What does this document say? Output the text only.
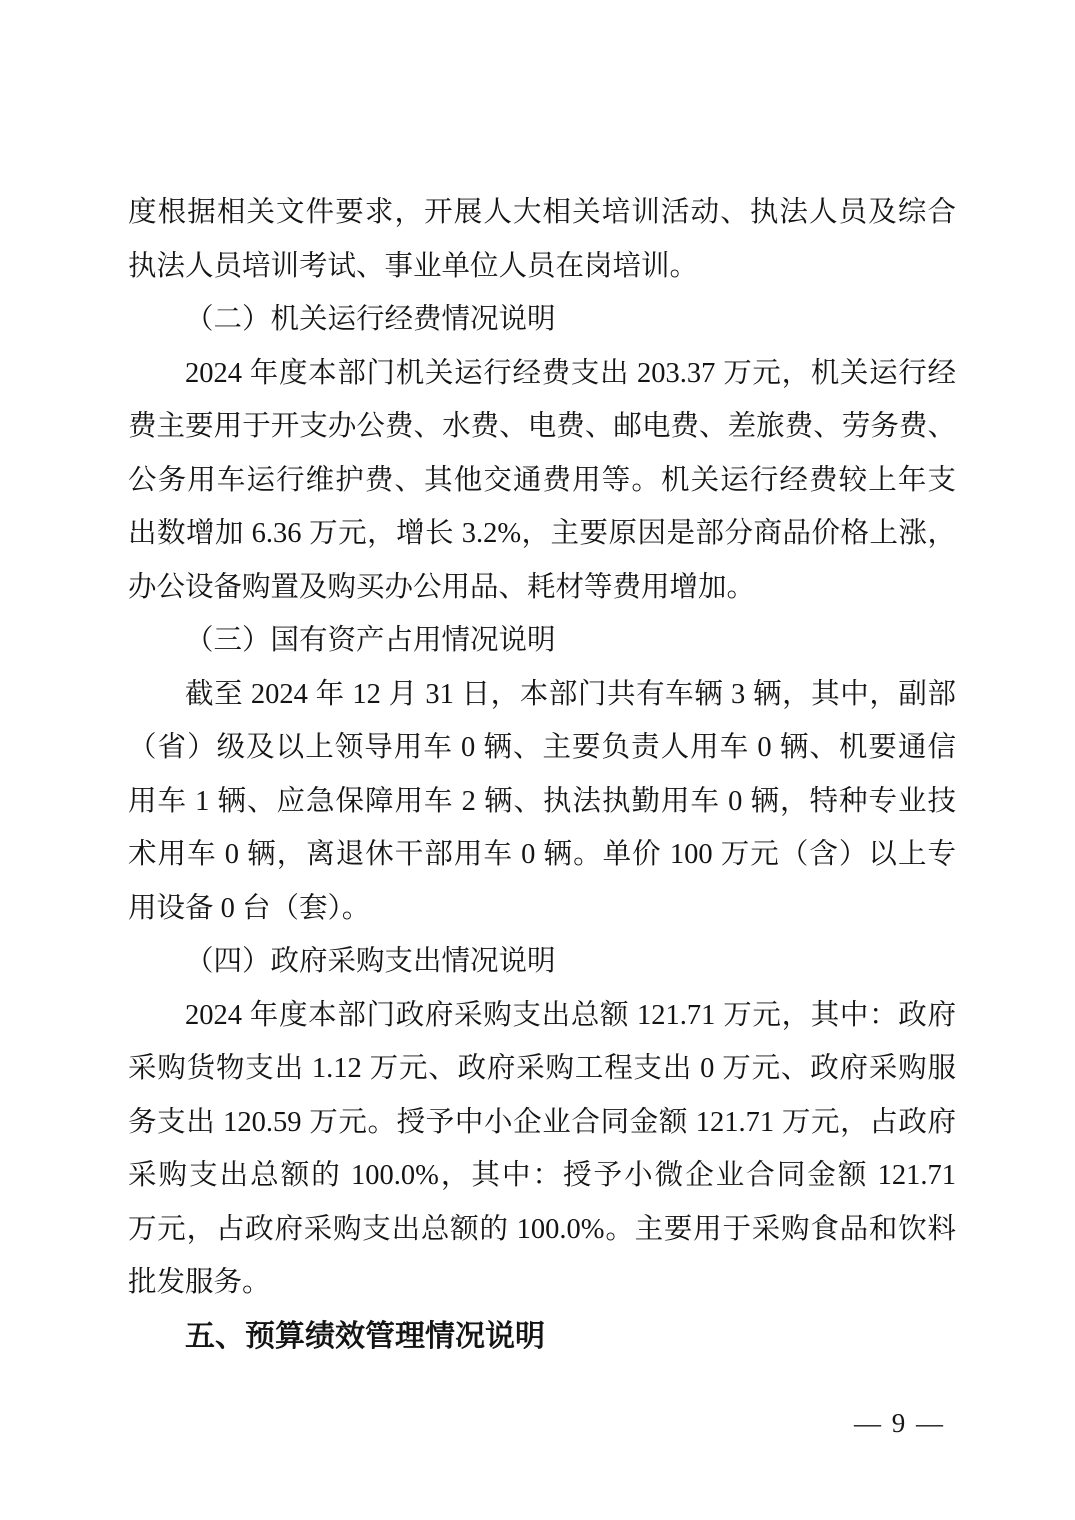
度根据相关文件要求，开展人大相关培训活动、执法人员及综合
执法人员培训考试、事业单位人员在岗培训。
（二）机关运行经费情况说明
2024 年度本部门机关运行经费支出 203.37 万元，机关运行经
费主要用于开支办公费、水费、电费、邮电费、差旅费、劳务费、
公务用车运行维护费、其他交通费用等。机关运行经费较上年支
出数增加 6.36 万元，增长 3.2%，主要原因是部分商品价格上涨，
办公设备购置及购买办公用品、耗材等费用增加。
（三）国有资产占用情况说明
截至 2024 年 12 月 31 日，本部门共有车辆 3 辆，其中，副部
（省）级及以上领导用车 0 辆、主要负责人用车 0 辆、机要通信
用车 1 辆、应急保障用车 2 辆、执法执勤用车 0 辆，特种专业技
术用车 0 辆，离退休干部用车 0 辆。单价 100 万元（含）以上专
用设备 0 台（套）。
（四）政府采购支出情况说明
2024 年度本部门政府采购支出总额 121.71 万元，其中：政府
采购货物支出 1.12 万元、政府采购工程支出 0 万元、政府采购服
务支出 120.59 万元。授予中小企业合同金额 121.71 万元，占政府
采购支出总额的 100.0%，其中：授予小微企业合同金额 121.71
万元，占政府采购支出总额的 100.0%。主要用于采购食品和饮料
批发服务。
五、预算绩效管理情况说明
— 9 —
